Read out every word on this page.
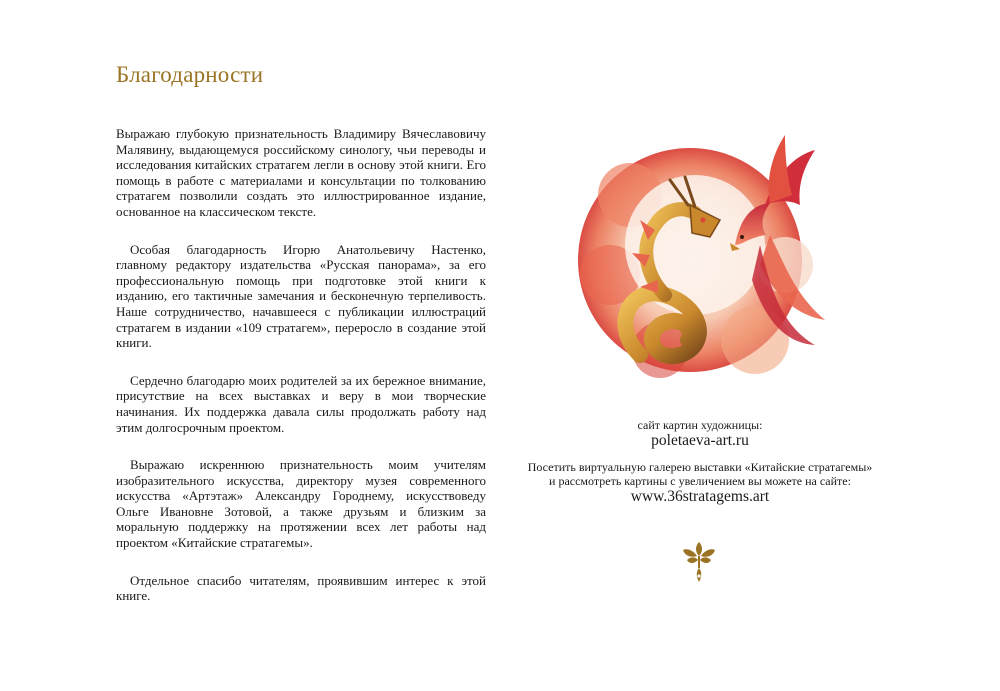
Благодарности

Выражаю глубокую признательность Владимиру Вячеславовичу Малявину, выдающемуся российскому синологу, чьи переводы и исследования китайских стратагем легли в основу этой книги. Его помощь в работе с материалами и консультации по толкованию стратагем позволили создать это иллюстрированное издание, основанное на классическом тексте.

Особая благодарность Игорю Анатольевичу Настенко, главному редактору издательства «Русская панорама», за его профессиональную помощь при подготовке этой книги к изданию, его тактичные замечания и бесконечную терпеливость. Наше сотрудничество, начавшееся с публикации иллюстраций стратагем в издании «109 стратагем», переросло в создание этой книги.

Сердечно благодарю моих родителей за их бережное внимание, присутствие на всех выставках и веру в мои творческие начинания. Их поддержка давала силы продолжать работу над этим долгосрочным проектом.

Выражаю искреннюю признательность моим учителям изобразительного искусства, директору музея современного искусства «Артэтаж» Александру Городнему, искусствоведу Ольге Ивановне Зотовой, а также друзьям и близким за моральную поддержку на протяжении всех лет работы над проектом «Китайские стратагемы».

Отдельное спасибо читателям, проявившим интерес к этой книге.

сайт картин художницы:
poletaeva-art.ru
Посетить виртуальную галерею выставки «Китайские стратагемы»
и рассмотреть картины с увеличением вы можете на сайте:
www.36stratagems.art
